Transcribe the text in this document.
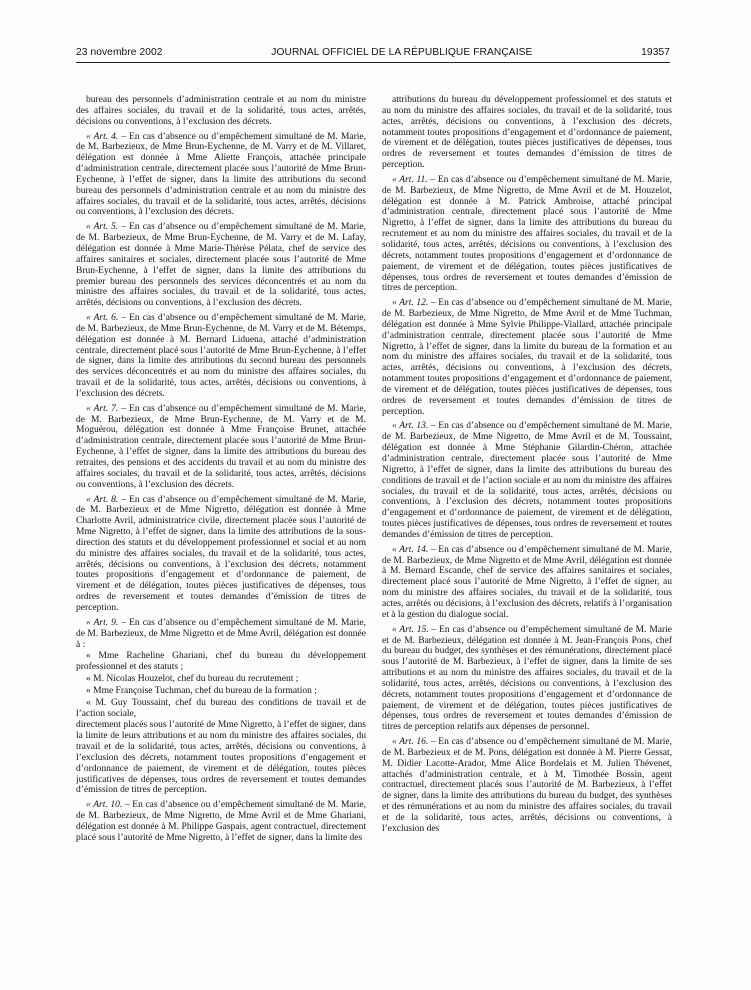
23 novembre 2002	JOURNAL OFFICIEL DE LA RÉPUBLIQUE FRANÇAISE	19357

bureau des personnels d’administration centrale et au nom du ministre des affaires sociales, du travail et de la solidarité, tous actes, arrêtés, décisions ou conventions, à l’exclusion des décrets.

« Art. 4. – En cas d’absence ou d’empêchement simultané de M. Marie, de M. Barbezieux, de Mme Brun-Eychenne, de M. Varry et de M. Villaret, délégation est donnée à Mme Aliette François, attachée principale d’administration centrale, directement placée sous l’autorité de Mme Brun-Eychenne, à l’effet de signer, dans la limite des attributions du second bureau des personnels d’administration centrale et au nom du ministre des affaires sociales, du travail et de la solidarité, tous actes, arrêtés, décisions ou conventions, à l’exclusion des décrets.

« Art. 5. – En cas d’absence ou d’empêchement simultané de M. Marie, de M. Barbezieux, de Mme Brun-Eychenne, de M. Varry et de M. Lafay, délégation est donnée à Mme Marie-Thérèse Pélata, chef de service des affaires sanitaires et sociales, directement placée sous l’autorité de Mme Brun-Eychenne, à l’effet de signer, dans la limite des attributions du premier bureau des personnels des services déconcentrés et au nom du ministre des affaires sociales, du travail et de la solidarité, tous actes, arrêtés, décisions ou conventions, à l’exclusion des décrets.

« Art. 6. – En cas d’absence ou d’empêchement simultané de M. Marie, de M. Barbezieux, de Mme Brun-Eychenne, de M. Varry et de M. Bétemps, délégation est donnée à M. Bernard Liduena, attaché d’administration centrale, directement placé sous l’autorité de Mme Brun-Eychenne, à l’effet de signer, dans la limite des attributions du second bureau des personnels des services déconcentrés et au nom du ministre des affaires sociales, du travail et de la solidarité, tous actes, arrêtés, décisions ou conventions, à l’exclusion des décrets.

« Art. 7. – En cas d’absence ou d’empêchement simultané de M. Marie, de M. Barbezieux, de Mme Brun-Eychenne, de M. Varry et de M. Moguérou, délégation est donnée à Mme Françoise Brunet, attachée d’administration centrale, directement placée sous l’autorité de Mme Brun-Eychenne, à l’effet de signer, dans la limite des attributions du bureau des retraites, des pensions et des accidents du travail et au nom du ministre des affaires sociales, du travail et de la solidarité, tous actes, arrêtés, décisions ou conventions, à l’exclusion des décrets.

« Art. 8. – En cas d’absence ou d’empêchement simultané de M. Marie, de M. Barbezieux et de Mme Nigretto, délégation est donnée à Mme Charlotte Avril, administratrice civile, directement placée sous l’autorité de Mme Nigretto, à l’effet de signer, dans la limite des attributions de la sous-direction des statuts et du développement professionnel et social et au nom du ministre des affaires sociales, du travail et de la solidarité, tous actes, arrêtés, décisions ou conventions, à l’exclusion des décrets, notamment toutes propositions d’engagement et d’ordonnance de paiement, de virement et de délégation, toutes pièces justificatives de dépenses, tous ordres de reversement et toutes demandes d’émission de titres de perception.

« Art. 9. – En cas d’absence ou d’empêchement simultané de M. Marie, de M. Barbezieux, de Mme Nigretto et de Mme Avril, délégation est donnée à :

« Mme Racheline Ghariani, chef du bureau du développement professionnel et des statuts ;

« M. Nicolas Houzelot, chef du bureau du recrutement ;

« Mme Françoise Tuchman, chef du bureau de la formation ;

« M. Guy Toussaint, chef du bureau des conditions de travail et de l’action sociale,

directement placés sous l’autorité de Mme Nigretto, à l’effet de signer, dans la limite de leurs attributions et au nom du ministre des affaires sociales, du travail et de la solidarité, tous actes, arrêtés, décisions ou conventions, à l’exclusion des décrets, notamment toutes propositions d’engagement et d’ordonnance de paiement, de virement et de délégation, toutes pièces justificatives de dépenses, tous ordres de reversement et toutes demandes d’émission de titres de perception.

« Art. 10. – En cas d’absence ou d’empêchement simultané de M. Marie, de M. Barbezieux, de Mme Nigretto, de Mme Avril et de Mme Ghariani, délégation est donnée à M. Philippe Gaspais, agent contractuel, directement placé sous l’autorité de Mme Nigretto, à l’effet de signer, dans la limite des

attributions du bureau du développement professionnel et des statuts et au nom du ministre des affaires sociales, du travail et de la solidarité, tous actes, arrêtés, décisions ou conventions, à l’exclusion des décrets, notamment toutes propositions d’engagement et d’ordonnance de paiement, de virement et de délégation, toutes pièces justificatives de dépenses, tous ordres de reversement et toutes demandes d’émission de titres de perception.

« Art. 11. – En cas d’absence ou d’empêchement simultané de M. Marie, de M. Barbezieux, de Mme Nigretto, de Mme Avril et de M. Houzelot, délégation est donnée à M. Patrick Ambroise, attaché principal d’administration centrale, directement placé sous l’autorité de Mme Nigretto, à l’effet de signer, dans la limite des attributions du bureau du recrutement et au nom du ministre des affaires sociales, du travail et de la solidarité, tous actes, arrêtés, décisions ou conventions, à l’exclusion des décrets, notamment toutes propositions d’engagement et d’ordonnance de paiement, de virement et de délégation, toutes pièces justificatives de dépenses, tous ordres de reversement et toutes demandes d’émission de titres de perception.

« Art. 12. – En cas d’absence ou d’empêchement simultané de M. Marie, de M. Barbezieux, de Mme Nigretto, de Mme Avril et de Mme Tuchman, délégation est donnée à Mme Sylvie Philippe-Viallard, attachée principale d’administration centrale, directement placée sous l’autorité de Mme Nigretto, à l’effet de signer, dans la limite du bureau de la formation et au nom du ministre des affaires sociales, du travail et de la solidarité, tous actes, arrêtés, décisions ou conventions, à l’exclusion des décrets, notamment toutes propositions d’engagement et d’ordonnance de paiement, de virement et de délégation, toutes pièces justificatives de dépenses, tous ordres de reversement et toutes demandes d’émission de titres de perception.

« Art. 13. – En cas d’absence ou d’empêchement simultané de M. Marie, de M. Barbezieux, de Mme Nigretto, de Mme Avril et de M. Toussaint, délégation est donnée à Mme Stéphanie Gilardin-Chéron, attachée d’administration centrale, directement placée sous l’autorité de Mme Nigretto, à l’effet de signer, dans la limite des attributions du bureau des conditions de travail et de l’action sociale et au nom du ministre des affaires sociales, du travail et de la solidarité, tous actes, arrêtés, décisions ou conventions, à l’exclusion des décrets, notamment toutes propositions d’engagement et d’ordonnance de paiement, de virement et de délégation, toutes pièces justificatives de dépenses, tous ordres de reversement et toutes demandes d’émission de titres de perception.

« Art. 14. – En cas d’absence ou d’empêchement simultané de M. Marie, de M. Barbezieux, de Mme Nigretto et de Mme Avril, délégation est donnée à M. Bernard Escande, chef de service des affaires sanitaires et sociales, directement placé sous l’autorité de Mme Nigretto, à l’effet de signer, au nom du ministre des affaires sociales, du travail et de la solidarité, tous actes, arrêtés ou décisions, à l’exclusion des décrets, relatifs à l’organisation et à la gestion du dialogue social.

« Art. 15. – En cas d’absence ou d’empêchement simultané de M. Marie et de M. Barbezieux, délégation est donnée à M. Jean-François Pons, chef du bureau du budget, des synthèses et des rémunérations, directement placé sous l’autorité de M. Barbezieux, à l’effet de signer, dans la limite de ses attributions et au nom du ministre des affaires sociales, du travail et de la solidarité, tous actes, arrêtés, décisions ou conventions, à l’exclusion des décrets, notamment toutes propositions d’engagement et d’ordonnance de paiement, de virement et de délégation, toutes pièces justificatives de dépenses, tous ordres de reversement et toutes demandes d’émission de titres de perception relatifs aux dépenses de personnel.

« Art. 16. – En cas d’absence ou d’empêchement simultané de M. Marie, de M. Barbezieux et de M. Pons, délégation est donnée à M. Pierre Gessat, M. Didier Lacotte-Arador, Mme Alice Bordelais et M. Julien Thévenet, attachés d’administration centrale, et à M. Timothée Bossin, agent contractuel, directement placés sous l’autorité de M. Barbezieux, à l’effet de signer, dans la limite des attributions du bureau du budget, des synthèses et des rémunérations et au nom du ministre des affaires sociales, du travail et de la solidarité, tous actes, arrêtés, décisions ou conventions, à l’exclusion des
